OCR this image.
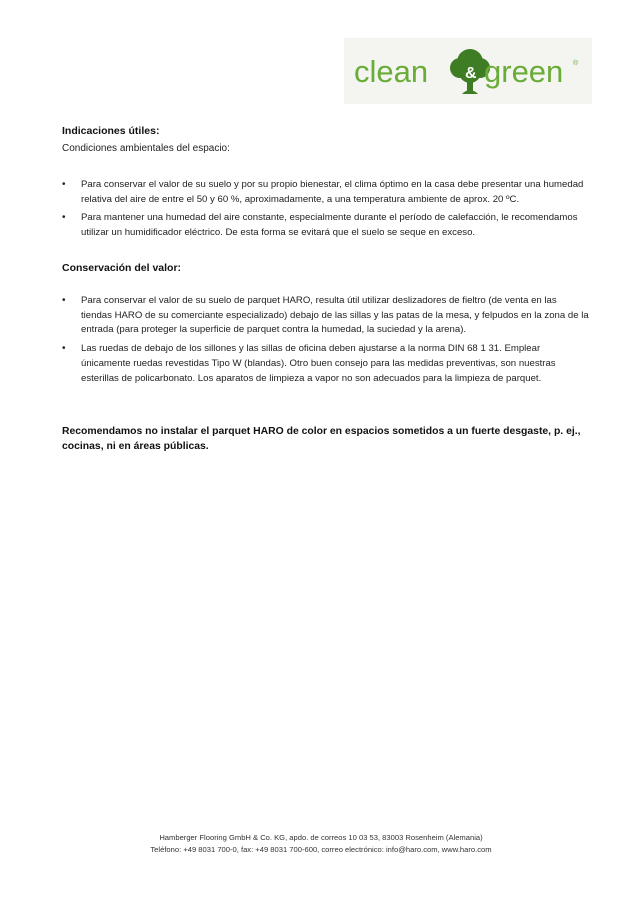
clean & green ®
Indicaciones útiles:
Condiciones ambientales del espacio:
• Para conservar el valor de su suelo y por su propio bienestar, el clima óptimo en la casa debe presentar una humedad relativa del aire de entre el 50 y 60 %, aproximadamente, a una temperatura ambiente de aprox. 20 ºC.
• Para mantener una humedad del aire constante, especialmente durante el período de calefacción, le recomendamos utilizar un humidificador eléctrico. De esta forma se evitará que el suelo se seque en exceso.
Conservación del valor:
• Para conservar el valor de su suelo de parquet HARO, resulta útil utilizar deslizadores de fieltro (de venta en las tiendas HARO de su comerciante especializado) debajo de las sillas y las patas de la mesa, y felpudos en la zona de la entrada (para proteger la superficie de parquet contra la humedad, la suciedad y la arena).
• Las ruedas de debajo de los sillones y las sillas de oficina deben ajustarse a la norma DIN 68 1 31. Emplear únicamente ruedas revestidas Tipo W (blandas). Otro buen consejo para las medidas preventivas, son nuestras esterillas de policarbonato. Los aparatos de limpieza a vapor no son adecuados para la limpieza de parquet.
Recomendamos no instalar el parquet HARO de color en espacios sometidos a un fuerte desgaste, p. ej., cocinas, ni en áreas públicas.
Hamberger Flooring GmbH & Co. KG, apdo. de correos 10 03 53, 83003 Rosenheim (Alemania)
Teléfono: +49 8031 700-0, fax: +49 8031 700-600, correo electrónico: info@haro.com, www.haro.com
